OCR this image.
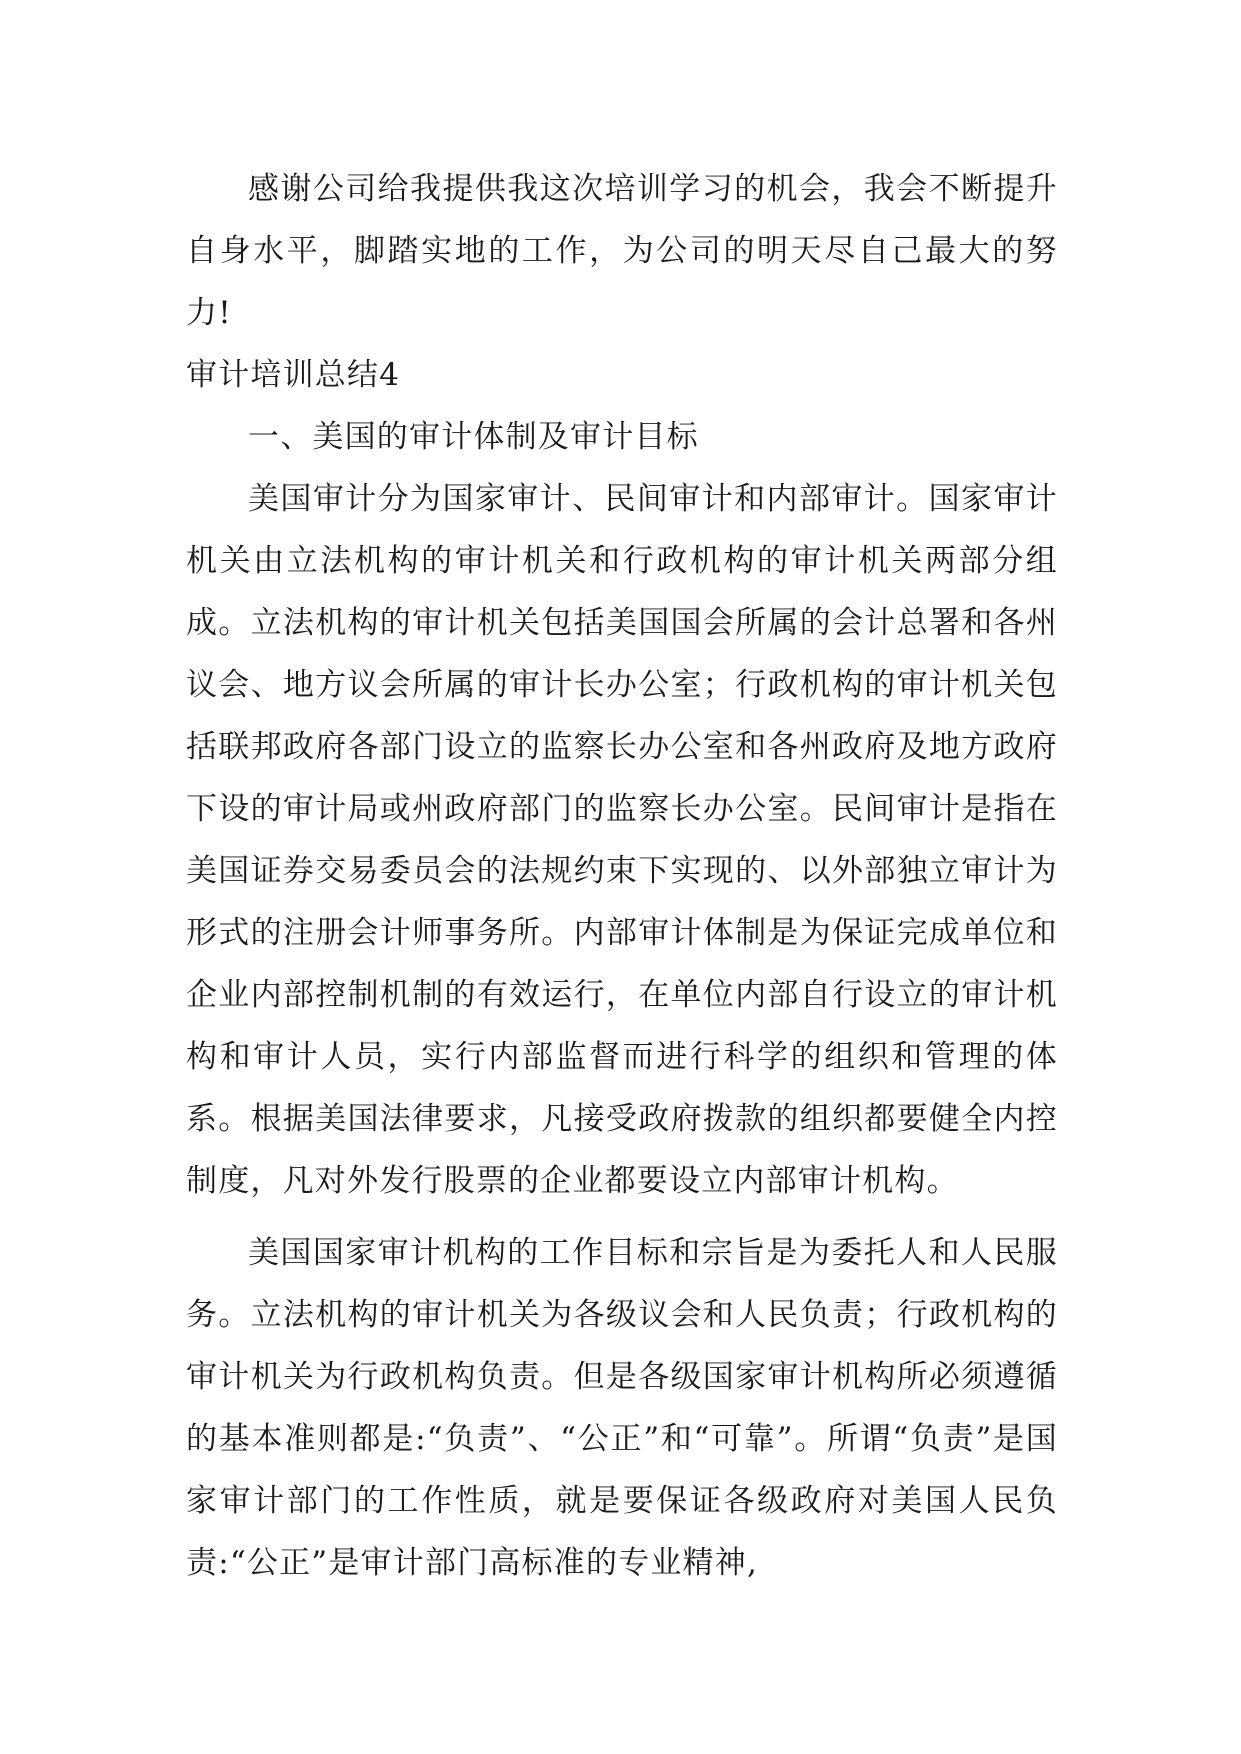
感谢公司给我提供我这次培训学习的机会，我会不断提升自身水平，脚踏实地的工作，为公司的明天尽自己最大的努力!

审计培训总结4

一、美国的审计体制及审计目标

美国审计分为国家审计、民间审计和内部审计。国家审计机关由立法机构的审计机关和行政机构的审计机关两部分组成。立法机构的审计机关包括美国国会所属的会计总署和各州议会、地方议会所属的审计长办公室；行政机构的审计机关包括联邦政府各部门设立的监察长办公室和各州政府及地方政府下设的审计局或州政府部门的监察长办公室。民间审计是指在美国证券交易委员会的法规约束下实现的、以外部独立审计为形式的注册会计师事务所。内部审计体制是为保证完成单位和企业内部控制机制的有效运行，在单位内部自行设立的审计机构和审计人员，实行内部监督而进行科学的组织和管理的体系。根据美国法律要求，凡接受政府拨款的组织都要健全内控制度，凡对外发行股票的企业都要设立内部审计机构。

美国国家审计机构的工作目标和宗旨是为委托人和人民服务。立法机构的审计机关为各级议会和人民负责；行政机构的审计机关为行政机构负责。但是各级国家审计机构所必须遵循的基本准则都是:“负责”、“公正”和“可靠”。所谓“负责”是国家审计部门的工作性质，就是要保证各级政府对美国人民负责:“公正”是审计部门高标准的专业精神,
